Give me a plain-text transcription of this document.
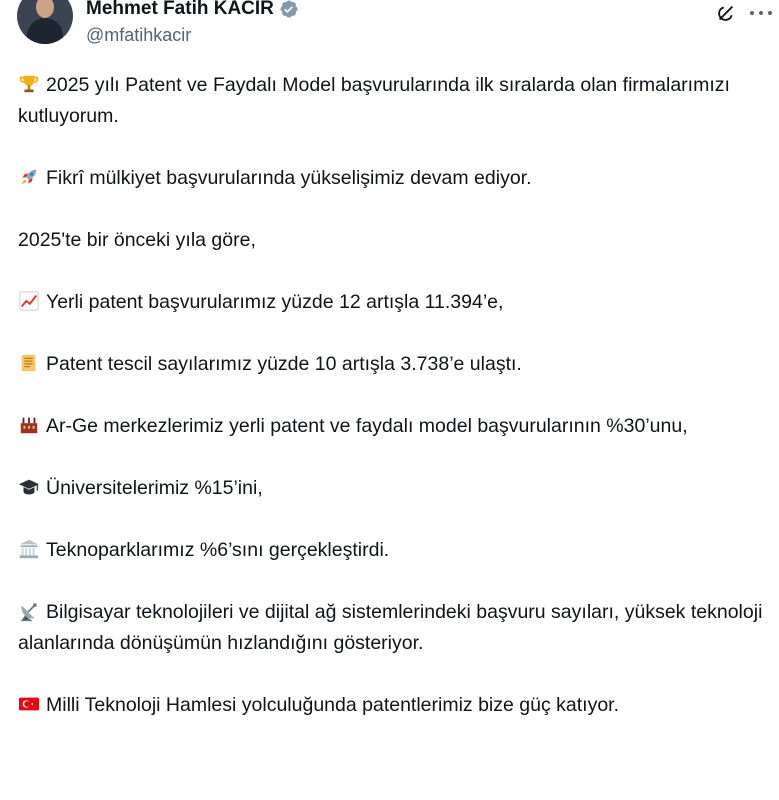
Mehmet Fatih KACIR
@mfatihkacir

2025 yılı Patent ve Faydalı Model başvurularında ilk sıralarda olan firmalarımızı kutluyorum.

Fikrî mülkiyet başvurularında yükselişimiz devam ediyor.

2025'te bir önceki yıla göre,

Yerli patent başvurularımız yüzde 12 artışla 11.394’e,

Patent tescil sayılarımız yüzde 10 artışla 3.738’e ulaştı.

Ar-Ge merkezlerimiz yerli patent ve faydalı model başvurularının %30’unu,

Üniversitelerimiz %15’ini,

Teknoparklarımız %6’sını gerçekleştirdi.

Bilgisayar teknolojileri ve dijital ağ sistemlerindeki başvuru sayıları, yüksek teknoloji alanlarında dönüşümün hızlandığını gösteriyor.

Milli Teknoloji Hamlesi yolculuğunda patentlerimiz bize güç katıyor.
